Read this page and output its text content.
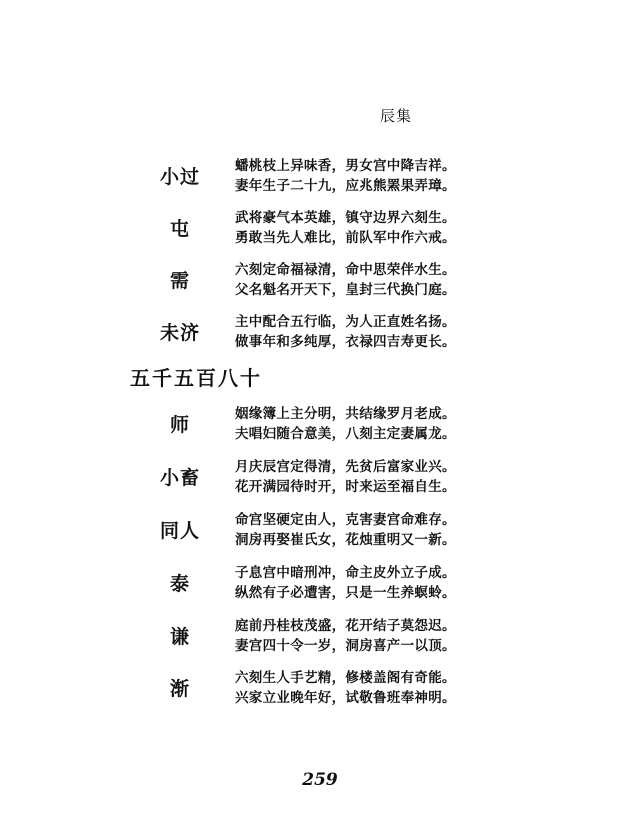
辰集
小过	蟠桃枝上异味香，男女宫中降吉祥。
妻年生子二十九，应兆熊罴果弄璋。
屯	武将豪气本英雄，镇守边界六刻生。
勇敢当先人难比，前队军中作六戒。
需	六刻定命福禄清，命中思荣伴水生。
父名魁名开天下，皇封三代换门庭。
未济	主中配合五行临，为人正直姓名扬。
做事年和多纯厚，衣禄四吉寿更长。
五千五百八十
师	姻缘簿上主分明，共结缘罗月老成。
夫唱妇随合意美，八刻主定妻属龙。
小畜	月庆辰宫定得清，先贫后富家业兴。
花开满园待时开，时来运至福自生。
同人	命宫坚硬定由人，克害妻宫命难存。
洞房再娶崔氏女，花烛重明又一新。
泰	子息宫中暗刑冲，命主皮外立子成。
纵然有子必遭害，只是一生养螟蛉。
谦	庭前丹桂枝茂盛，花开结子莫怨迟。
妻宫四十令一岁，洞房喜产一以顶。
渐	六刻生人手艺精，修楼盖阁有奇能。
兴家立业晚年好，试敬鲁班奉神明。
259
